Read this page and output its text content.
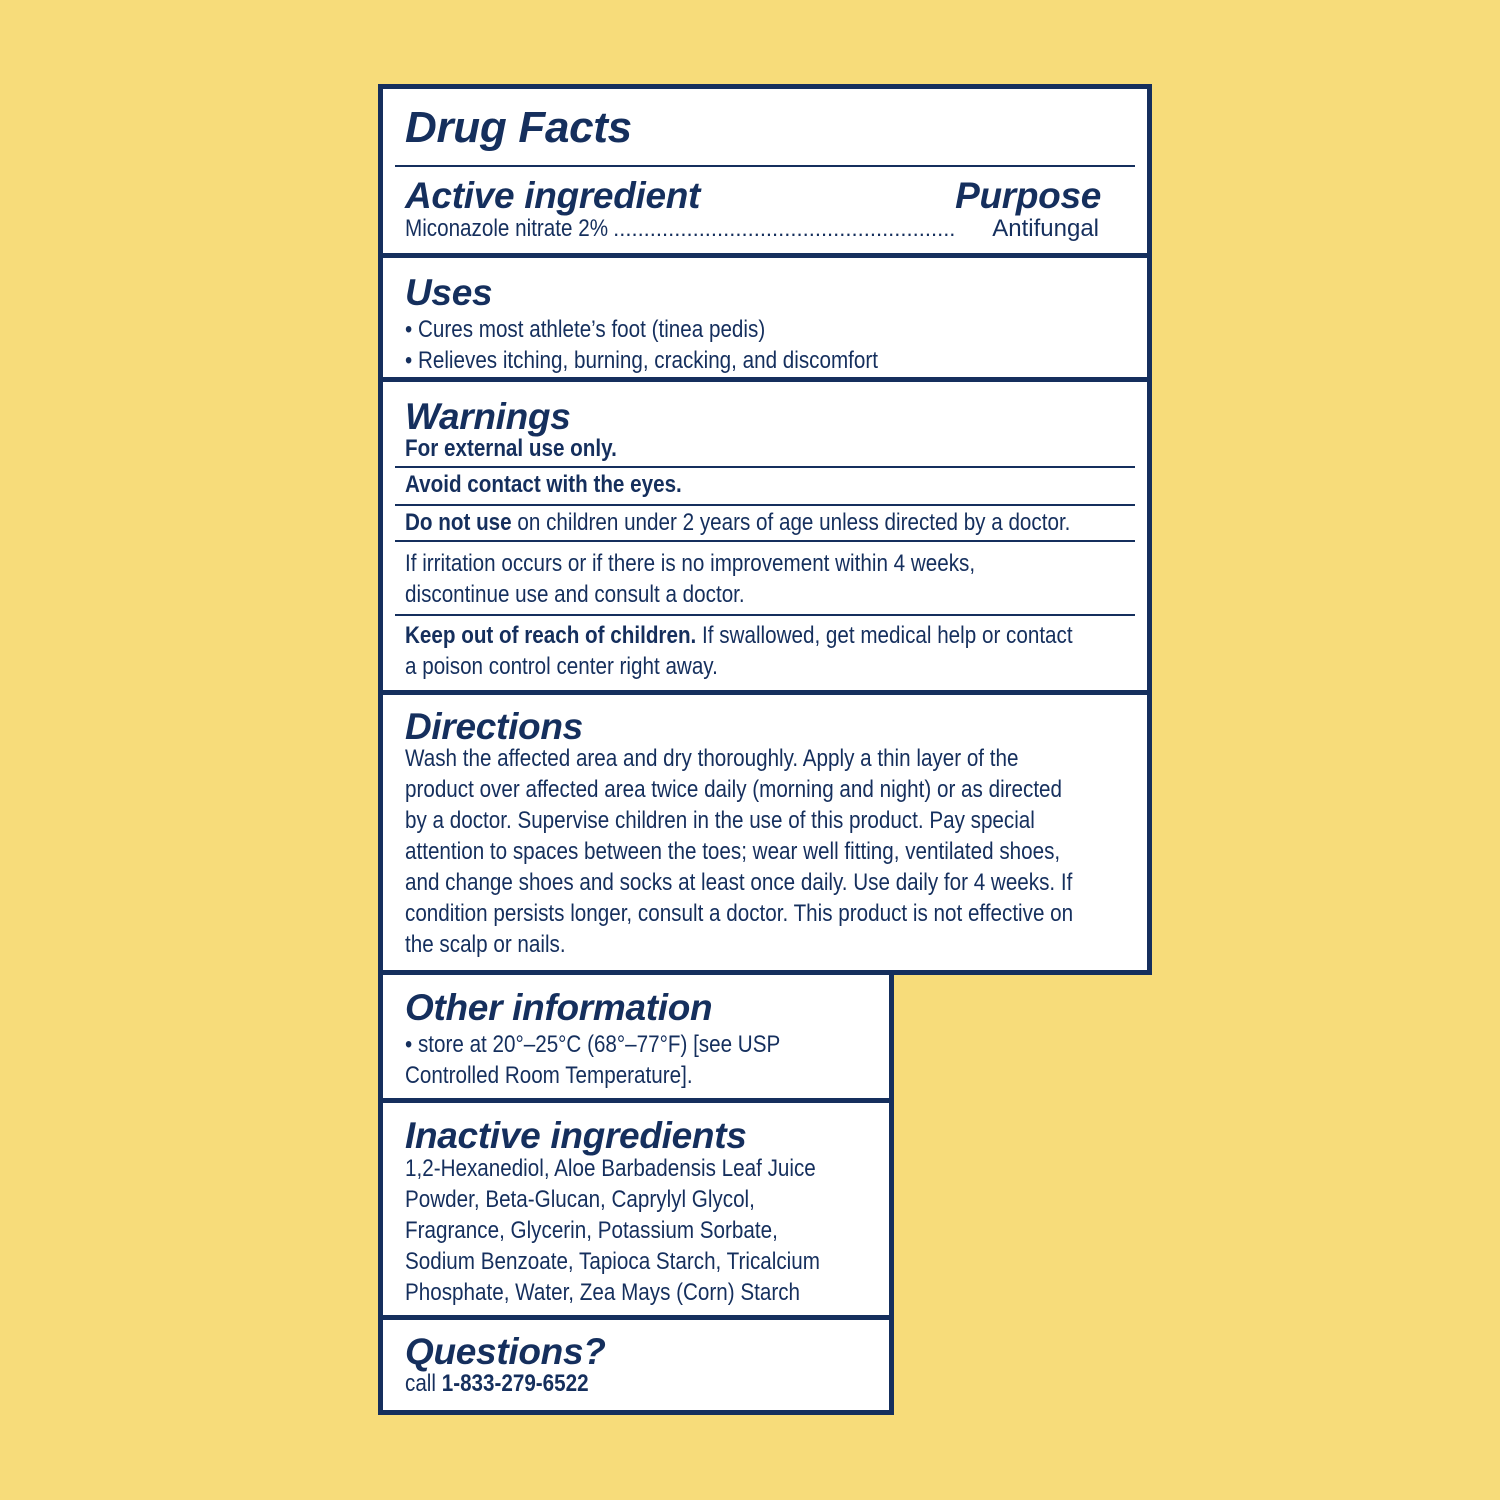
Drug Facts
Active ingredient	Purpose
Miconazole nitrate 2% ........................................................	Antifungal
Uses
• Cures most athlete’s foot (tinea pedis)
• Relieves itching, burning, cracking, and discomfort
Warnings
For external use only.
Avoid contact with the eyes.
Do not use on children under 2 years of age unless directed by a doctor.
If irritation occurs or if there is no improvement within 4 weeks,
discontinue use and consult a doctor.
Keep out of reach of children. If swallowed, get medical help or contact
a poison control center right away.
Directions
Wash the affected area and dry thoroughly. Apply a thin layer of the
product over affected area twice daily (morning and night) or as directed
by a doctor. Supervise children in the use of this product. Pay special
attention to spaces between the toes; wear well fitting, ventilated shoes,
and change shoes and socks at least once daily. Use daily for 4 weeks. If
condition persists longer, consult a doctor. This product is not effective on
the scalp or nails.
Other information
• store at 20°–25°C (68°–77°F) [see USP
Controlled Room Temperature].
Inactive ingredients
1,2-Hexanediol, Aloe Barbadensis Leaf Juice
Powder, Beta-Glucan, Caprylyl Glycol,
Fragrance, Glycerin, Potassium Sorbate,
Sodium Benzoate, Tapioca Starch, Tricalcium
Phosphate, Water, Zea Mays (Corn) Starch
Questions?
call 1-833-279-6522
